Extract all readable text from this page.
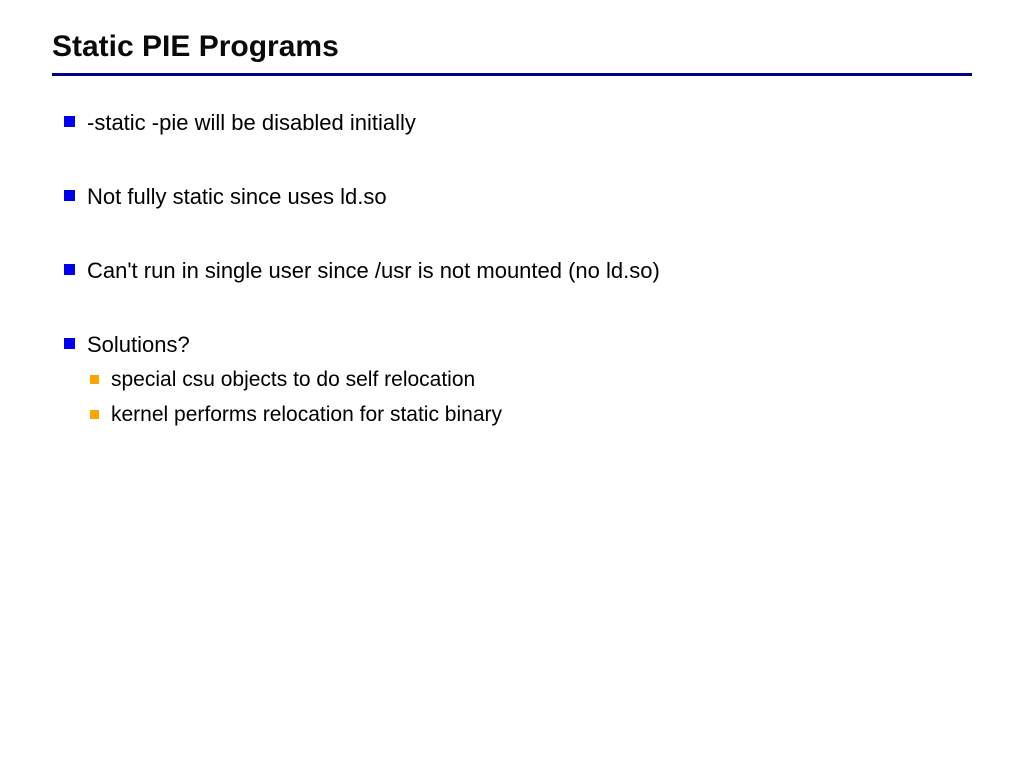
Static PIE Programs
-static -pie will be disabled initially
Not fully static since uses ld.so
Can't run in single user since /usr is not mounted (no ld.so)
Solutions?
special csu objects to do self relocation
kernel performs relocation for static binary
